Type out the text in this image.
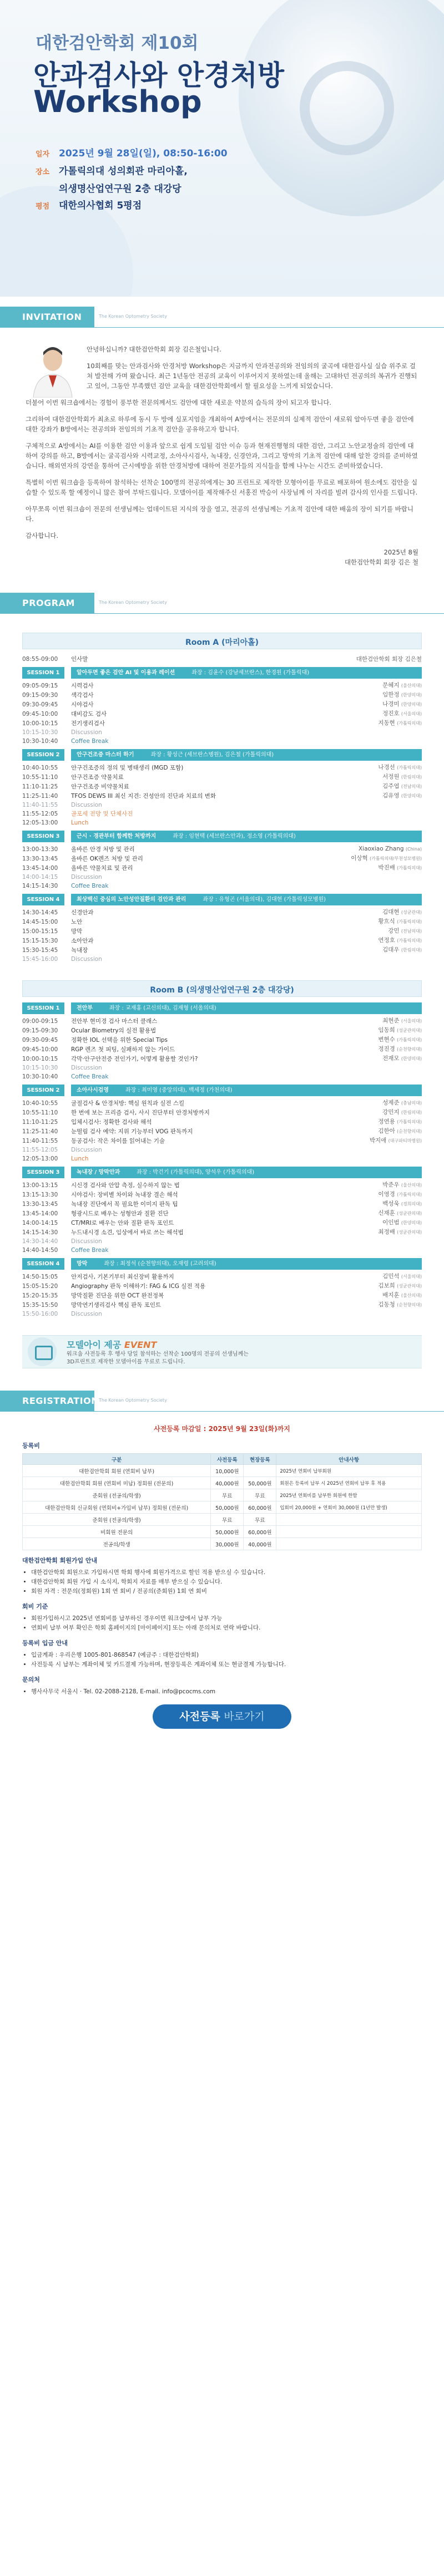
대한검안학회 제10회
안과검사와 안경처방
Workshop
일자 2025년 9월 28일(일), 08:50-16:00
장소 가톨릭의대 성의회관 마리아홀,
의생명산업연구원 2층 대강당
평점 대한의사협회 5평점
INVITATION	The Korean Optometry Society

안녕하십니까? 대한검안학회 회장 김은철입니다.

10회째를 맞는 안과검사와 안경처방 Workshop은 지금까지 안과전공의와 전임의의 굴곡에 대한검사실 실습 위주로 걸쳐 발전해 가며 왔습니다. 최근 1년동안 전공의 교육이 이루어지지 못하였는데 올해는 고대하던 전공의의 복귀가 진행되고 있어, 그동안 부족했던 검안 교육을 대한검안학회에서 할 필요성을 느끼게 되었습니다.

더불어 이번 워크숍에서는 경험이 풍부한 전문의께서도 검안에 대한 새로운 약분의 습득의 장이 되고자 합니다.

그리하여 대한검안학회가 최초로 하루에 동시 두 방에 실포지엄을 개최하여 A방에서는 전문의의 실제적 검안이 새로워 알아두면 좋을 검안에 대한 강좌가 B방에서는 전공의와 전임의의 기초적 검안을 공유하고자 합니다.

구체적으로 A방에서는 AI를 이용한 검안 이용과 앞으로 쉽게 도입될 검안 이슈 등과 현재진행형의 대한 검안, 그리고 노안교정술의 검안에 대하여 강의를 하고, B방에서는 굴곡검사와 시력교정, 소아사시검사, 녹내장, 신경안과, 그리고 망막의 기초적 검안에 대해 알찬 강의를 준비하였습니다. 해외연자의 강연을 통하여 근시예방을 위한 안경처방에 대하여 전문가들의 지식들을 함께 나누는 시간도 준비하였습니다.

특별히 이번 워크숍을 등록하여 참석하는 선착순 100명의 전공의에게는 30 프린트로 제작한 모형아이를 무료로 배포하여 원소에도 검안을 실습할 수 있도록 할 예정이니 많은 참여 부탁드립니다. 모델아이를 제작해주신 서홍진 박승이 사장님께 이 자리를 빌려 감사의 인사를 드립니다.

아무쪼록 이번 워크숍이 전문의 선생님께는 업데이트된 지식의 장을 열고, 전공의 선생님께는 기초적 검안에 대한 배움의 장이 되기를 바랍니다.

감사합니다.

2025년 8월
대한검안학회 회장 김은 철
PROGRAM	The Korean Optometry Society
Room A (마리아홀)
08:55-09:00	인사말	대한검안학회 회장 김은철
SESSION 1	알아두면 좋은 검안 AI 및 이용과 레이션	좌장 : 김윤수 (강남세브란스), 한경원 (가톨릭대)
09:05-09:15	시력검사	문혜지 (울산의대)
09:15-09:30	색각검사	임한정 (한양의대)
09:30-09:45	시야검사	나경미 (한양의대)
09:45-10:00	대비감도 검사	정진호 (서울의대)
10:00-10:15	전기생리검사	지동현 (가톨릭의대)
10:15-10:30	Discussion
10:30-10:40	Coffee Break
SESSION 2	안구건조증 마스터 하기	좌장 : 황성근 (세브란스병원), 김은철 (가톨릭의대)
10:40-10:55	안구건조증의 정의 및 병태생리 (MGD 포함)	나경선 (가톨릭의대)
10:55-11:10	안구건조증 약물치료	서정원 (한림의대)
11:10-11:25	안구건조증 비약물치료	김주엽 (전남의대)
11:25-11:40	TFOS DEWS III 최신 지견: 건성안의 진단과 치료의 변화	김유영 (한양의대)
11:40-11:55	Discussion
11:55-12:05	골포세 전망 및 단체사진
12:05-13:00	Lunch
SESSION 3	근시 · 경관부터 함께한 처방까지	좌장 : 임현택 (세브란스안과), 정소영 (가톨릭의대)
13:00-13:30	올바른 안경 처방 및 관리	Xiaoxiao Zhang (China)
13:30-13:45	올바른 OK렌즈 처방 및 관리	이상혁 (가톨릭의대/부천성모병원)
13:45-14:00	올바른 약물치료 및 관리	박진배 (가톨릭의대)
14:00-14:15	Discussion
14:15-14:30	Coffee Break
SESSION 4	최상백신 중심의 노안성안질환의 검안과 관리	좌장 : 유형곤 (서울의대), 김대현 (가톨릭성모병원)
14:30-14:45	신경안과	김대현 (성균관대)
14:45-15:00	노안	황흐식 (가톨릭의대)
15:00-15:15	망막	강민 (전남의대)
15:15-15:30	소아안과	연정호 (가톨릭의대)
15:30-15:45	녹내장	김대우 (한림의대)
15:45-16:00	Discussion
Room B (의생명산업연구원 2층 대강당)
SESSION 1	전안부	좌장 : 교재홍 (고신의대), 김재형 (서울의대)
09:00-09:15	전안부 현미경 검사 마스터 클래스	최현준 (서울의대)
09:15-09:30	Ocular Biometry의 실전 활용법	임동희 (성균관의대)
09:30-09:45	정확한 IOL 선택을 위한 Special Tips	변현수 (가톨릭의대)
09:45-10:00	RGP 렌즈 첫 피팅, 실패하지 않는 가이드	정진경 (순천향의대)
10:00-10:15	각막·안구안전증 전인가기, 어떻게 활용할 것인가?	전재모 (한양의대)
10:15-10:30	Discussion
10:30-10:40	Coffee Break
SESSION 2	소아사시검영	좌장 : 최미영 (중앙의대), 백세정 (가천의대)
10:40-10:55	굴절검사 & 안경처방: 핵심 원칙과 실전 스킬	성제준 (충남의대)
10:55-11:10	한 번에 보는 프리즘 검사, 사시 진단부터 안경처방까지	강민지 (한림의대)
11:10-11:25	입체시검사: 정확한 검사와 해석	정연용 (가톨릭의대)
11:25-11:40	눈떨림 검사 예약: 지위 기능부터 VOG 판독까지	김한아 (순천향의대)
11:40-11:55	동공검사: 작은 차이를 읽어내는 기술	박지애 (대구파티마병원)
11:55-12:05	Discussion
12:05-13:00	Lunch
SESSION 3	녹내장 / 망막안과	좌장 : 박건기 (가톨릭의대), 양석우 (가톨릭의대)
13:00-13:15	시신경 검사와 안압 측정, 실수하지 않는 법	박준우 (울산의대)
13:15-13:30	시야검사: 장비별 차이와 녹내장 결손 해석	이영경 (가톨릭의대)
13:30-13:45	녹내장 진단에서 꼭 필요한 이미지 판독 팁	백성욱 (경희의대)
13:45-14:00	형광시드로 배우는 성형안과 질환 진단	신재훈 (성균관의대)
14:00-14:15	CT/MRI로 배우는 안와 질환 판독 포인트	이인범 (한양의대)
14:15-14:30	누드내시경 소견, 임상에서 바로 쓰는 해석법	최정배 (성균관의대)
14:30-14:40	Discussion
14:40-14:50	Coffee Break
SESSION 4	망막	좌장 : 최정석 (순천향의대), 오재령 (고려의대)
14:50-15:05	안저검사, 기본기부터 최신장비 활용까지	김민석 (서울의대)
15:05-15:20	Angiography 판독 이해하기: FAG & ICG 실전 적용	김보희 (성균관의대)
15:20-15:35	망막질환 진단을 위한 OCT 완전정복	배지훈 (울산의대)
15:35-15:50	망막연기생리검사 핵심 판독 포인트	김동청 (순천향의대)
15:50-16:00	Discussion
모델아이 제공 EVENT
워크숍 사전등록 후 행사 당일 참석하는 선착순 100명의 전공의 선생님께는
3D프린트로 제작한 모델아이를 무료로 드립니다.
REGISTRATION The Korean Optometry Society
사전등록 마감일 : 2025년 9월 23일(화)까지
등록비
구분	사전등록	현장등록	안내사항
대한검안학회 회원 (연회비 납부)	10,000원		2025년 연회비 납부회원
대한검안학회 회원 (연회비 미납) 정회원 (전문의)	40,000원	50,000원	회원은 등록비 납부 시 2025년 연회비 납부 후 적용
준회원 (전공의/학생)	무료	무료	2025년 연회비를 납부한 회원에 한함
대한검안학회 신규회원 (연회비+가입비 납부) 정회원 (전문의)	50,000원	60,000원	입회비 20,000원 + 연회비 30,000원 (1년만 발생)
준회원 (전공의/학생)	무료	무료	
비회원 전문의	50,000원	60,000원	
전공의/학생	30,000원	40,000원	
대한검안학회 회원가입 안내
• 대한검안학회 회원으로 가입하시면 학회 행사에 회원가격으로 할인 적용 받으실 수 있습니다.
• 대한검안학회 회원 가입 시 소식지, 학회지 자료를 매부 받으실 수 있습니다.
• 회원 자격 : 전문의(정회원) 1회 연 회비 / 전공의(준회원) 1회 연 회비
회비 기준
• 회원가입하시고 2025년 연회비를 납부하신 경우이면 워크샵에서 납부 가능
• 연회비 납부 여부 확인은 학회 홈페이지의 [마이페이지] 또는 아래 문의처로 연락 바랍니다.
등록비 입금 안내
• 입금계좌 : 우리은행 1005-801-868547 (예금주 : 대한검안학회)
• 사전등록 시 납부는 계좌이체 및 카드결제 가능하며, 현장등록은 계좌이체 또는 현금결제 가능합니다.
문의처
• 행사사무국 서울시 · Tel. 02-2088-2128, E-mail. info@pcocms.com
사전등록 바로가기
